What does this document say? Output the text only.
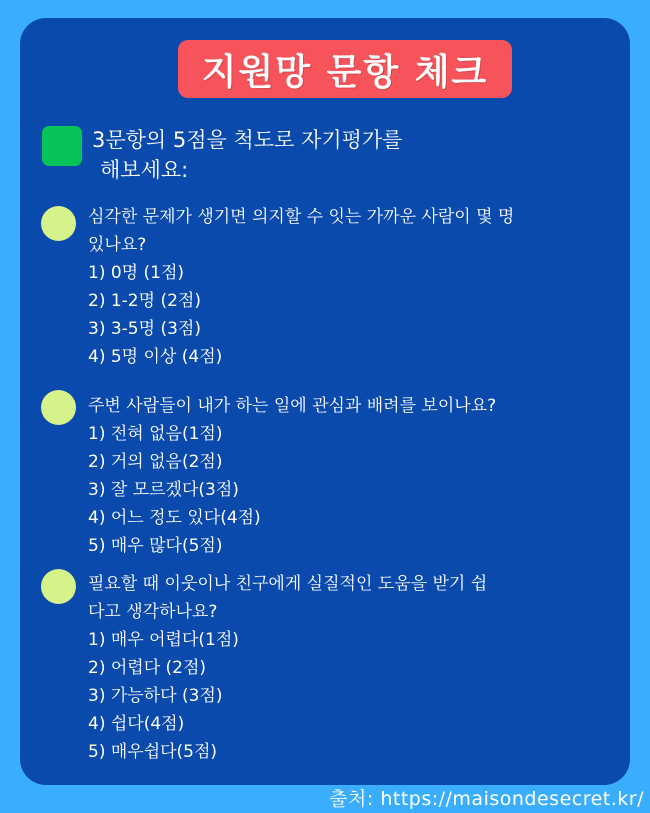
지원망 문항 체크
3문항의 5점을 척도로 자기평가를
해보세요:
심각한 문제가 생기면 의지할 수 잇는 가까운 사람이 몇 명
있나요?
1) 0명 (1점)
2) 1-2명 (2점)
3) 3-5명 (3점)
4) 5명 이상 (4점)
주변 사람들이 내가 하는 일에 관심과 배려를 보이나요?
1) 전혀 없음(1점)
2) 거의 없음(2점)
3) 잘 모르겠다(3점)
4) 어느 정도 있다(4점)
5) 매우 많다(5점)
필요할 때 이웃이나 친구에게 실질적인 도움을 받기 쉽
다고 생각하나요?
1) 매우 어렵다(1점)
2) 어렵다 (2점)
3) 가능하다 (3점)
4) 쉽다(4점)
5) 매우쉽다(5점)
출처: https://maisondesecret.kr/
